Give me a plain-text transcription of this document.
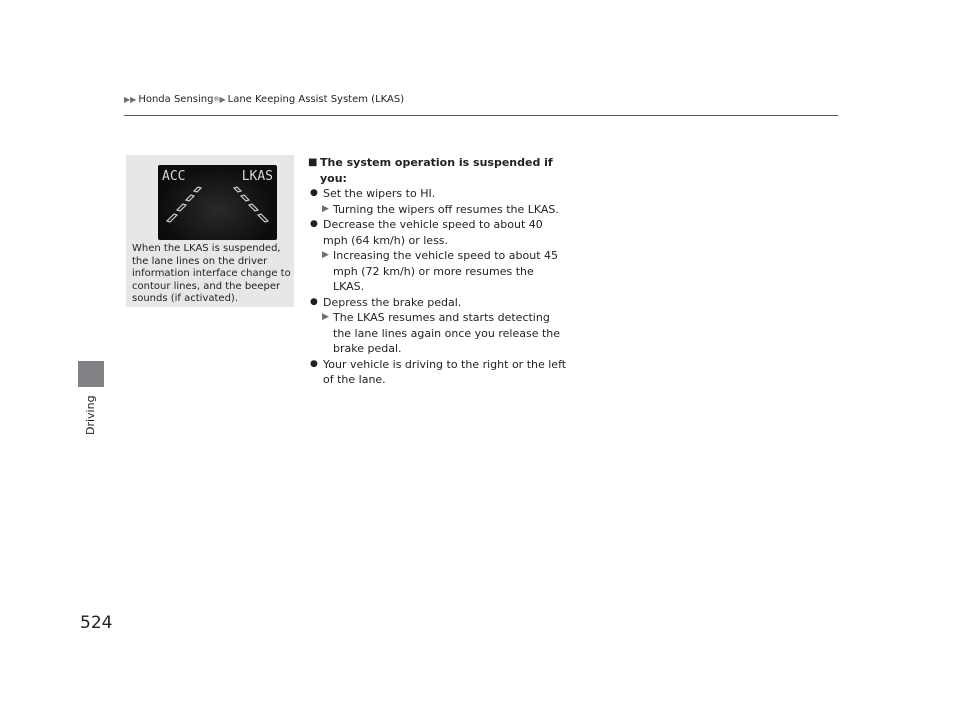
▶▶ Honda Sensing ® ▶ Lane Keeping Assist System (LKAS)
Driving
ACC	LKAS
When the LKAS is suspended, the lane lines on the driver information interface change to contour lines, and the beeper sounds (if activated).
■ The system operation is suspended if you:
● Set the wipers to HI.
▶ Turning the wipers off resumes the LKAS.
● Decrease the vehicle speed to about 40 mph (64 km/h) or less.
▶ Increasing the vehicle speed to about 45 mph (72 km/h) or more resumes the LKAS.
● Depress the brake pedal.
▶ The LKAS resumes and starts detecting the lane lines again once you release the brake pedal.
● Your vehicle is driving to the right or the left of the lane.
524
